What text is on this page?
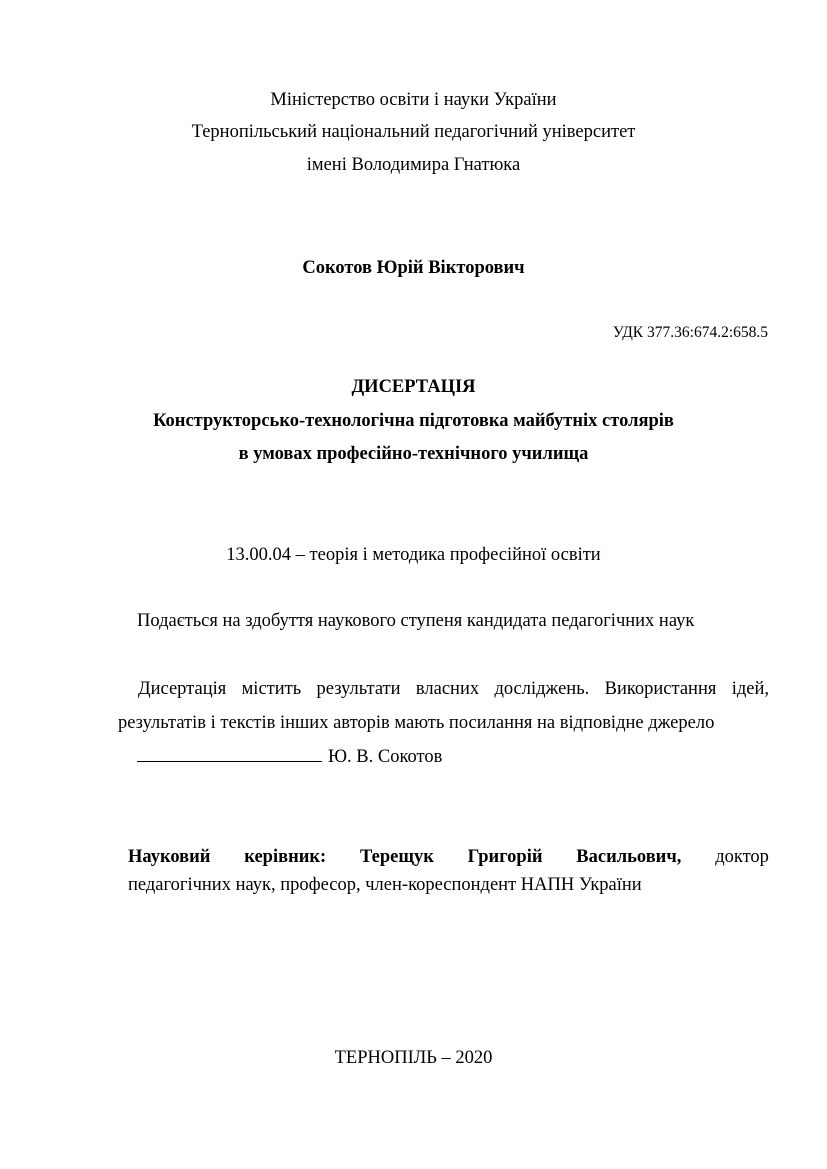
Міністерство освіти і науки України
Тернопільський національний педагогічний університет
імені Володимира Гнатюка
Сокотов Юрій Вікторович
УДК 377.36:674.2:658.5
ДИСЕРТАЦІЯ
Конструкторсько-технологічна підготовка майбутніх столярів
в умовах професійно-технічного училища
13.00.04 – теорія і методика професійної освіти
Подається на здобуття наукового ступеня кандидата педагогічних наук
Дисертація містить результати власних досліджень. Використання ідей,
результатів і текстів інших авторів мають посилання на відповідне джерело
Ю. В. Сокотов
Науковий керівник: Терещук Григорій Васильович, доктор
педагогічних наук, професор, член-кореспондент НАПН України
ТЕРНОПІЛЬ – 2020
